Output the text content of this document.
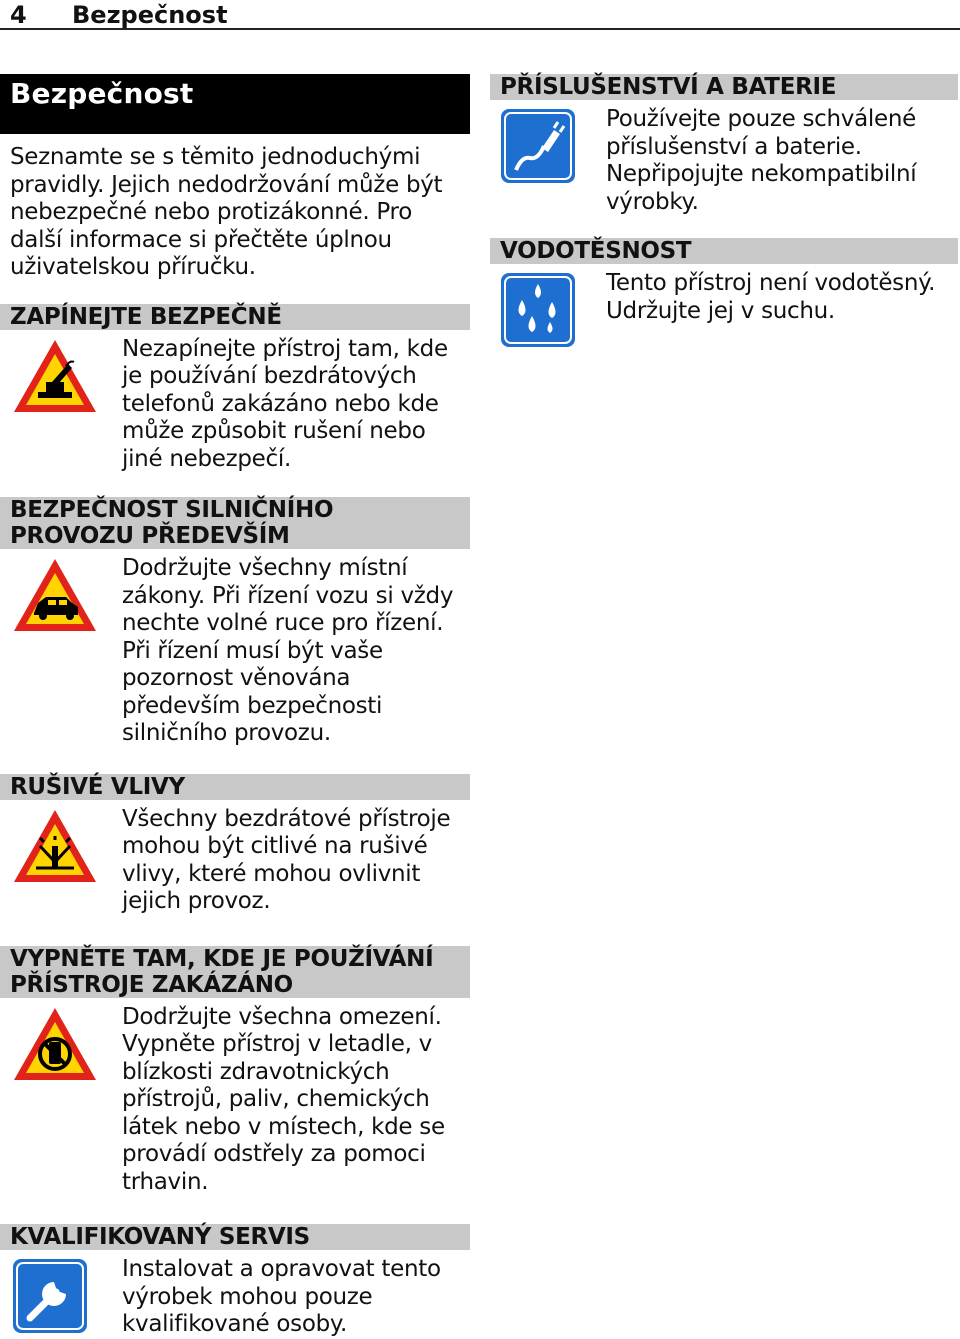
4 Bezpečnost
Bezpečnost
Seznamte se s těmito jednoduchými pravidly. Jejich nedodržování může být nebezpečné nebo protizákonné. Pro další informace si přečtěte úplnou uživatelskou příručku.
ZAPÍNEJTE BEZPEČNĚ
Nezapínejte přístroj tam, kde je používání bezdrátových telefonů zakázáno nebo kde může způsobit rušení nebo jiné nebezpečí.
BEZPEČNOST SILNIČNÍHO PROVOZU PŘEDEVŠÍM
Dodržujte všechny místní zákony. Při řízení vozu si vždy nechte volné ruce pro řízení. Při řízení musí být vaše pozornost věnována především bezpečnosti silničního provozu.
RUŠIVÉ VLIVY
Všechny bezdrátové přístroje mohou být citlivé na rušivé vlivy, které mohou ovlivnit jejich provoz.
VYPNĚTE TAM, KDE JE POUŽÍVÁNÍ PŘÍSTROJE ZAKÁZÁNO
Dodržujte všechna omezení. Vypněte přístroj v letadle, v blízkosti zdravotnických přístrojů, paliv, chemických látek nebo v místech, kde se provádí odstřely za pomoci trhavin.
KVALIFIKOVANÝ SERVIS
Instalovat a opravovat tento výrobek mohou pouze kvalifikované osoby.
PŘÍSLUŠENSTVÍ A BATERIE
Používejte pouze schválené příslušenství a baterie. Nepřipojujte nekompatibilní výrobky.
VODOTĚSNOST
Tento přístroj není vodotěsný. Udržujte jej v suchu.
